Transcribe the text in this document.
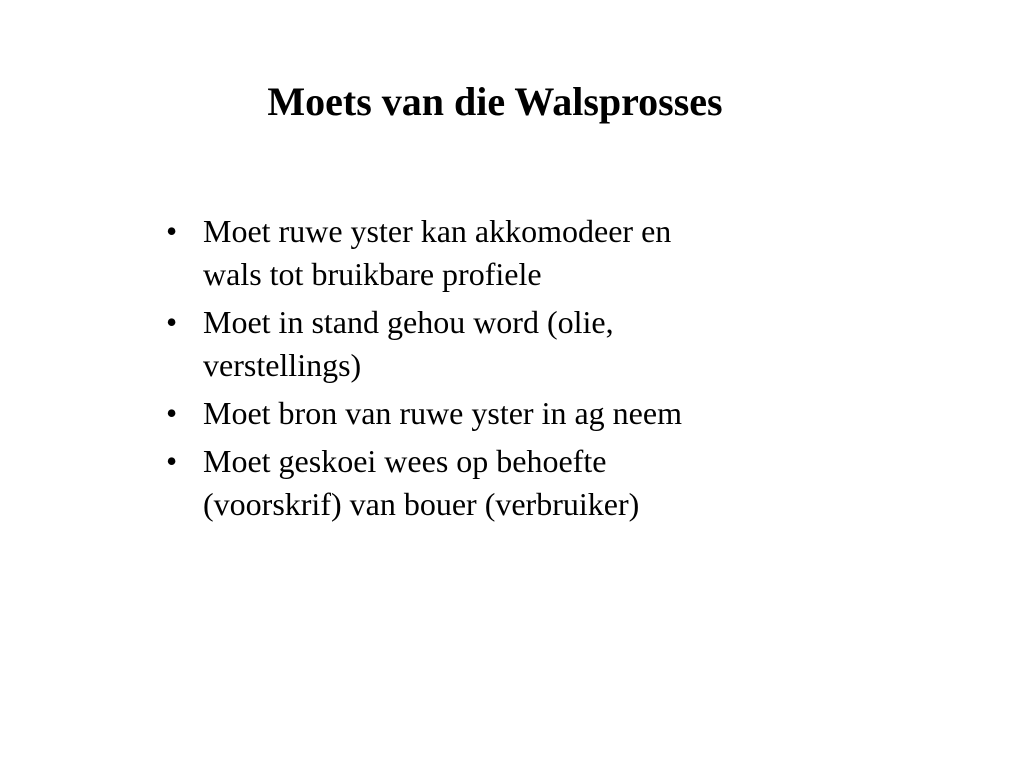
Moets van die Walsprosses
• Moet ruwe yster kan akkomodeer en
wals tot bruikbare profiele
• Moet in stand gehou word (olie,
verstellings)
• Moet bron van ruwe yster in ag neem
• Moet geskoei wees op behoefte
(voorskrif) van bouer (verbruiker)
